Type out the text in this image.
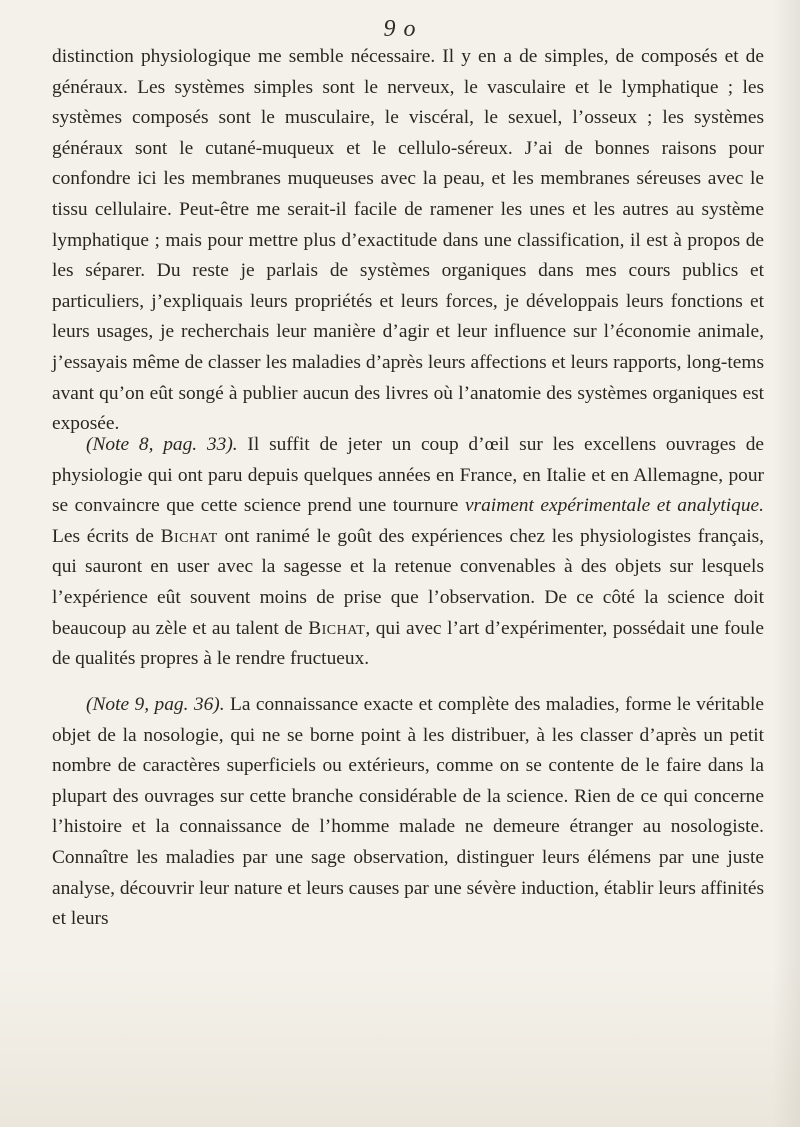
9 o

distinction physiologique me semble nécessaire. Il y en a de simples, de composés et de généraux. Les systèmes simples sont le nerveux, le vasculaire et le lymphatique ; les systèmes composés sont le musculaire, le viscéral, le sexuel, l’osseux ; les systèmes généraux sont le cutané-muqueux et le cellulo-séreux. J’ai de bonnes raisons pour confondre ici les membranes muqueuses avec la peau, et les membranes séreuses avec le tissu cellulaire. Peut-être me serait-il facile de ramener les unes et les autres au système lymphatique ; mais pour mettre plus d’exactitude dans une classification, il est à propos de les séparer. Du reste je parlais de systèmes organiques dans mes cours publics et particuliers, j’expliquais leurs propriétés et leurs forces, je développais leurs fonctions et leurs usages, je recherchais leur manière d’agir et leur influence sur l’économie animale, j’essayais même de classer les maladies d’après leurs affections et leurs rapports, long-tems avant qu’on eût songé à publier aucun des livres où l’anatomie des systèmes organiques est exposée.

(Note 8, pag. 33). Il suffit de jeter un coup d’œil sur les excellens ouvrages de physiologie qui ont paru depuis quelques années en France, en Italie et en Allemagne, pour se convaincre que cette science prend une tournure vraiment expérimentale et analytique. Les écrits de Bichat ont ranimé le goût des expériences chez les physiologistes français, qui sauront en user avec la sagesse et la retenue convenables à des objets sur lesquels l’expérience eût souvent moins de prise que l’observation. De ce côté la science doit beaucoup au zèle et au talent de Bichat, qui avec l’art d’expérimenter, possédait une foule de qualités propres à le rendre fructueux.

(Note 9, pag. 36). La connaissance exacte et complète des maladies, forme le véritable objet de la nosologie, qui ne se borne point à les distribuer, à les classer d’après un petit nombre de caractères superficiels ou extérieurs, comme on se contente de le faire dans la plupart des ouvrages sur cette branche considérable de la science. Rien de ce qui concerne l’histoire et la connaissance de l’homme malade ne demeure étranger au nosologiste. Connaître les maladies par une sage observation, distinguer leurs élémens par une juste analyse, découvrir leur nature et leurs causes par une sévère induction, établir leurs affinités et leurs
